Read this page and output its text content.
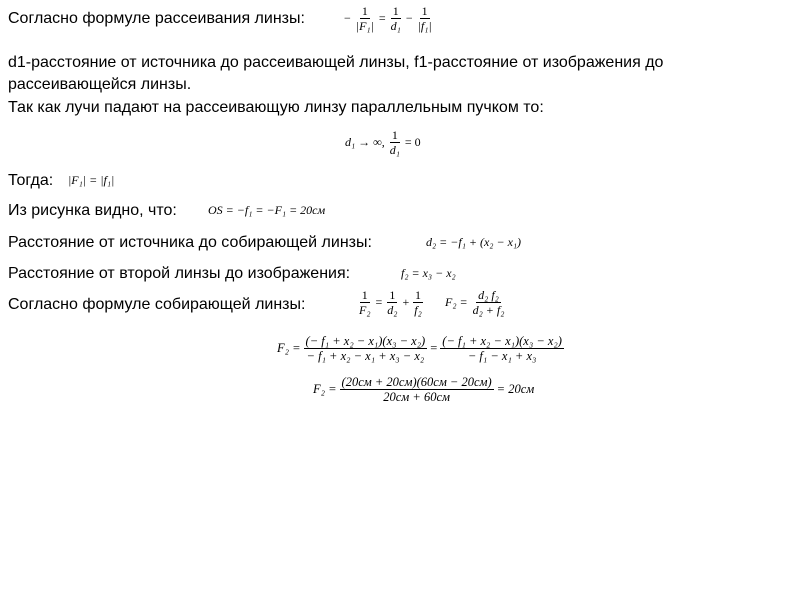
Согласно формуле рассеивания линзы:	− $\frac{1}{\text{|F₁|}} = \frac{1}{\text{d₁}} - \frac{1}{\text{|f₁|}}$
d1-расстояние от источника до рассеивающей линзы, f1-расстояние от изображения до
рассеивающейся линзы.
Так как лучи падают на рассеивающую линзу параллельным пучком то:
d₁ → ∞, $\frac{1}{\text{d₁}} = 0$
Тогда: |F₁| = |f₁|
Из рисунка видно, что:	OS = −f₁ = −F₁ = 20см
Расстояние от источника до собирающей линзы:	d₂ = −f₁ + (x₂ − x₁)
Расстояние от второй линзы до изображения:	f₂ = x₃ − x₂
Согласно формуле собирающей линзы:	$\frac{1}{\text{F₂}} = \frac{1}{\text{d₂}} + \frac{1}{\text{f₂}} F_2 = \frac{\text{d₂ f₂}}{\text{d₂ + f₂}}$
$F_2 = \frac{\text{(− f₁ + x₂ − x₁)(x₃ − x₂)}}{\text{− f₁ + x₂ − x₁ + x₃ − x₂}} = \frac{\text{(− f₁ + x₂ − x₁)(x₃ − x₂)}}{\text{− f₁ − x₁ + x₃}}$
F₂ = (20см + 20см)(60см − 20см)
20см + 60см
= 20см
